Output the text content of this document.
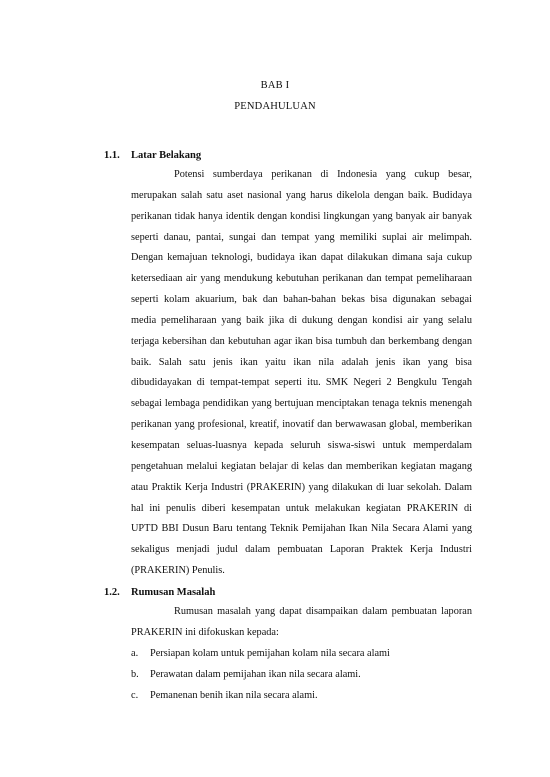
BAB I
PENDAHULUAN
1.1. Latar Belakang

Potensi sumberdaya perikanan di Indonesia yang cukup besar, merupakan salah satu aset nasional yang harus dikelola dengan baik. Budidaya perikanan tidak hanya identik dengan kondisi lingkungan yang banyak air banyak seperti danau, pantai, sungai dan tempat yang memiliki suplai air melimpah. Dengan kemajuan teknologi, budidaya ikan dapat dilakukan dimana saja cukup ketersediaan air yang mendukung kebutuhan perikanan dan tempat pemeliharaan seperti kolam akuarium, bak dan bahan-bahan bekas bisa digunakan sebagai media pemeliharaan yang baik jika di dukung dengan kondisi air yang selalu terjaga kebersihan dan kebutuhan agar ikan bisa tumbuh dan berkembang dengan baik. Salah satu jenis ikan yaitu ikan nila adalah jenis ikan yang bisa dibudidayakan di tempat-tempat seperti itu. SMK Negeri 2 Bengkulu Tengah sebagai lembaga pendidikan yang bertujuan menciptakan tenaga teknis menengah perikanan yang profesional, kreatif, inovatif dan berwawasan global, memberikan kesempatan seluas-luasnya kepada seluruh siswa-siswi untuk memperdalam pengetahuan melalui kegiatan belajar di kelas dan memberikan kegiatan magang atau Praktik Kerja Industri (PRAKERIN) yang dilakukan di luar sekolah. Dalam hal ini penulis diberi kesempatan untuk melakukan kegiatan PRAKERIN di UPTD BBI Dusun Baru tentang Teknik Pemijahan Ikan Nila Secara Alami yang sekaligus menjadi judul dalam pembuatan Laporan Praktek Kerja Industri (PRAKERIN) Penulis.

1.2. Rumusan Masalah

Rumusan masalah yang dapat disampaikan dalam pembuatan laporan PRAKERIN ini difokuskan kepada:

a. Persiapan kolam untuk pemijahan kolam nila secara alami
b. Perawatan dalam pemijahan ikan nila secara alami.
c. Pemanenan benih ikan nila secara alami.
